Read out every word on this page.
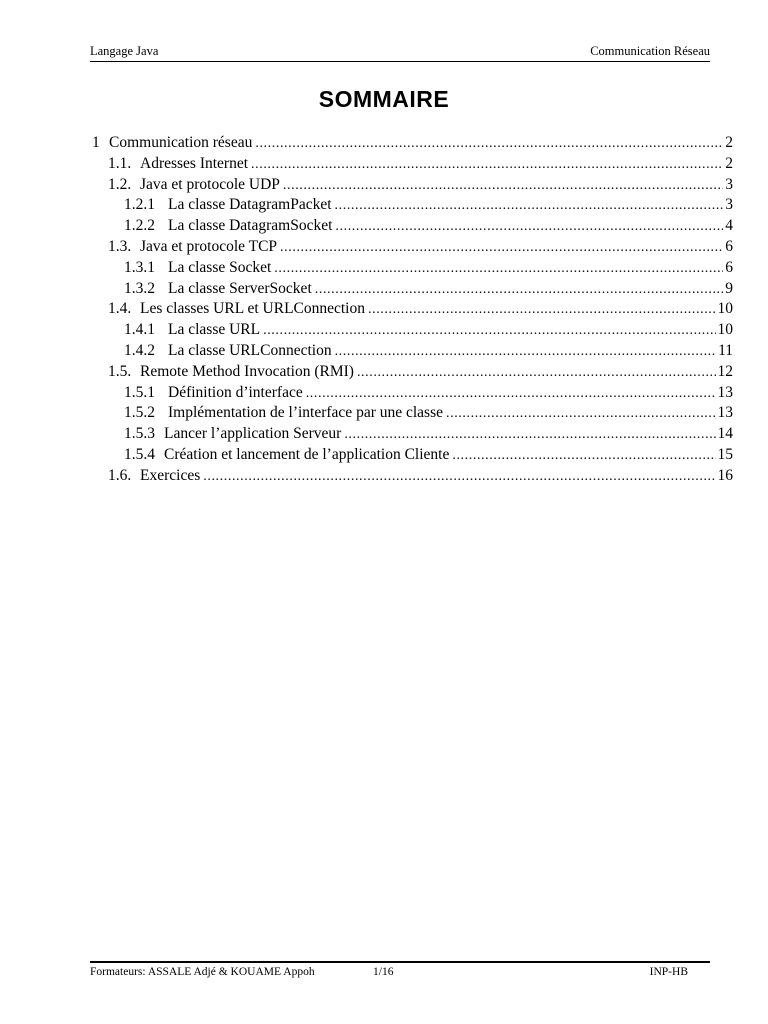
Langage Java	Communication Réseau
SOMMAIRE
1 Communication réseau .....	2
1.1. Adresses Internet .....	2
1.2. Java et protocole UDP .....	3
1.2.1 La classe DatagramPacket .....	3
1.2.2 La classe DatagramSocket .....	4
1.3. Java et protocole TCP .....	6
1.3.1 La classe Socket .....	6
1.3.2 La classe ServerSocket .....	9
1.4. Les classes URL et URLConnection .....	10
1.4.1 La classe URL .....	10
1.4.2 La classe URLConnection .....	11
1.5. Remote Method Invocation (RMI) .....	12
1.5.1 Définition d’interface .....	13
1.5.2 Implémentation de l’interface par une classe .....	13
1.5.3 Lancer l’application Serveur .....	14
1.5.4 Création et lancement de l’application Cliente .....	15
1.6. Exercices .....	16
Formateurs: ASSALE Adjé & KOUAME Appoh	1/16	INP-HB
